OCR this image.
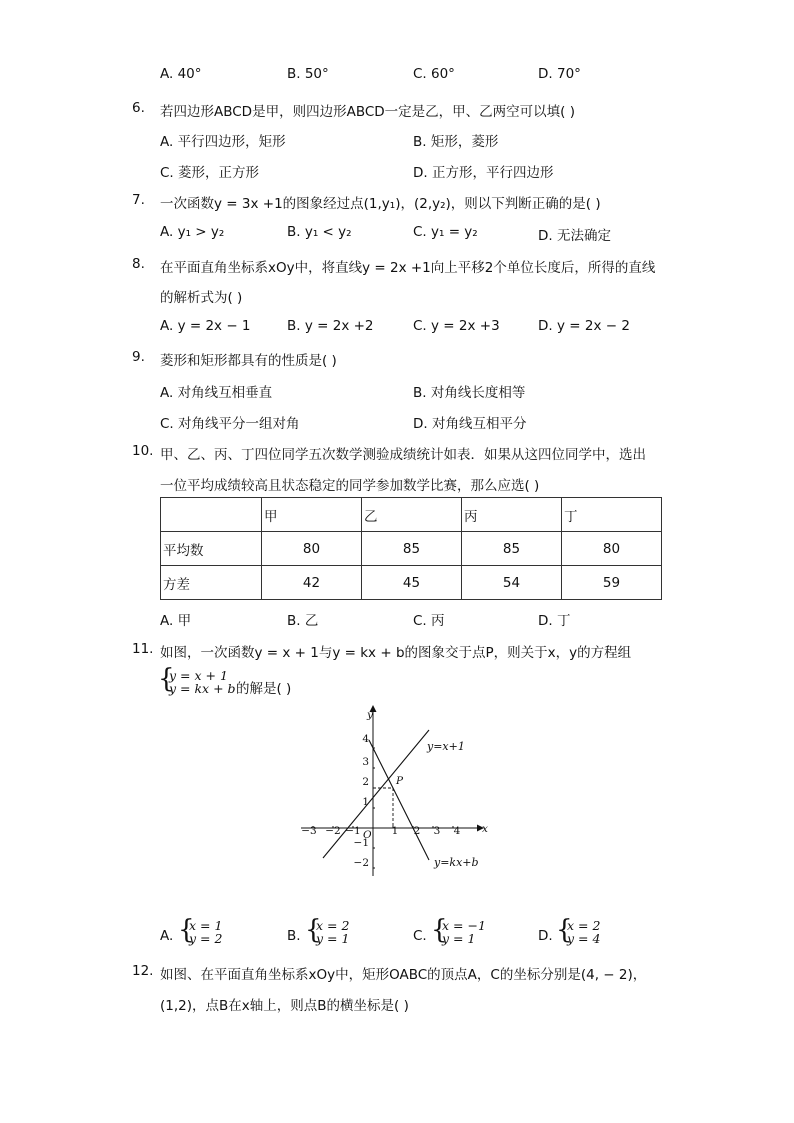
A. 40°	B. 50°	C. 60°	D. 70°
6. 若四边形ABCD是甲，则四边形ABCD一定是乙，甲、乙两空可以填( )
A. 平行四边形，矩形	B. 矩形，菱形
C. 菱形，正方形	D. 正方形，平行四边形
7. 一次函数y = 3x +1的图象经过点(1,y₁)，(2,y₂)，则以下判断正确的是( )
A. y₁ > y₂	B. y₁ < y₂	C. y₁ = y₂	D. 无法确定
8. 在平面直角坐标系xOy中，将直线y = 2x +1向上平移2个单位长度后，所得的直线
的解析式为( )
A. y = 2x − 1	B. y = 2x +2	C. y = 2x +3	D. y = 2x − 2
9. 菱形和矩形都具有的性质是( )
A. 对角线互相垂直	B. 对角线长度相等
C. 对角线平分一组对角	D. 对角线互相平分
10. 甲、乙、丙、丁四位同学五次数学测验成绩统计如表．如果从这四位同学中，选出
一位平均成绩较高且状态稳定的同学参加数学比赛，那么应选( )
	甲	乙	丙	丁
平均数	80	85	85	80
方差	42	45	54	59
A. 甲	B. 乙	C. 丙	D. 丁
11. 如图，一次函数y = x + 1与y = kx + b的图象交于点P，则关于x，y的方程组
{
y = x + 1
y = kx + b 的解是( )
y
x
O
P
y=x+1
y=kx+b
−3 −2 −1	1 2 3 4
4
3
2
1
−1
−2
A. {
x = 1
y = 2	B. {
x = 2
y = 1	C. {
x = −1
y = 1	D. {
x = 2
y = 4
12. 如图、在平面直角坐标系xOy中，矩形OABC的顶点A，C的坐标分别是(4, − 2)，
(1,2)，点B在x轴上，则点B的横坐标是( )
